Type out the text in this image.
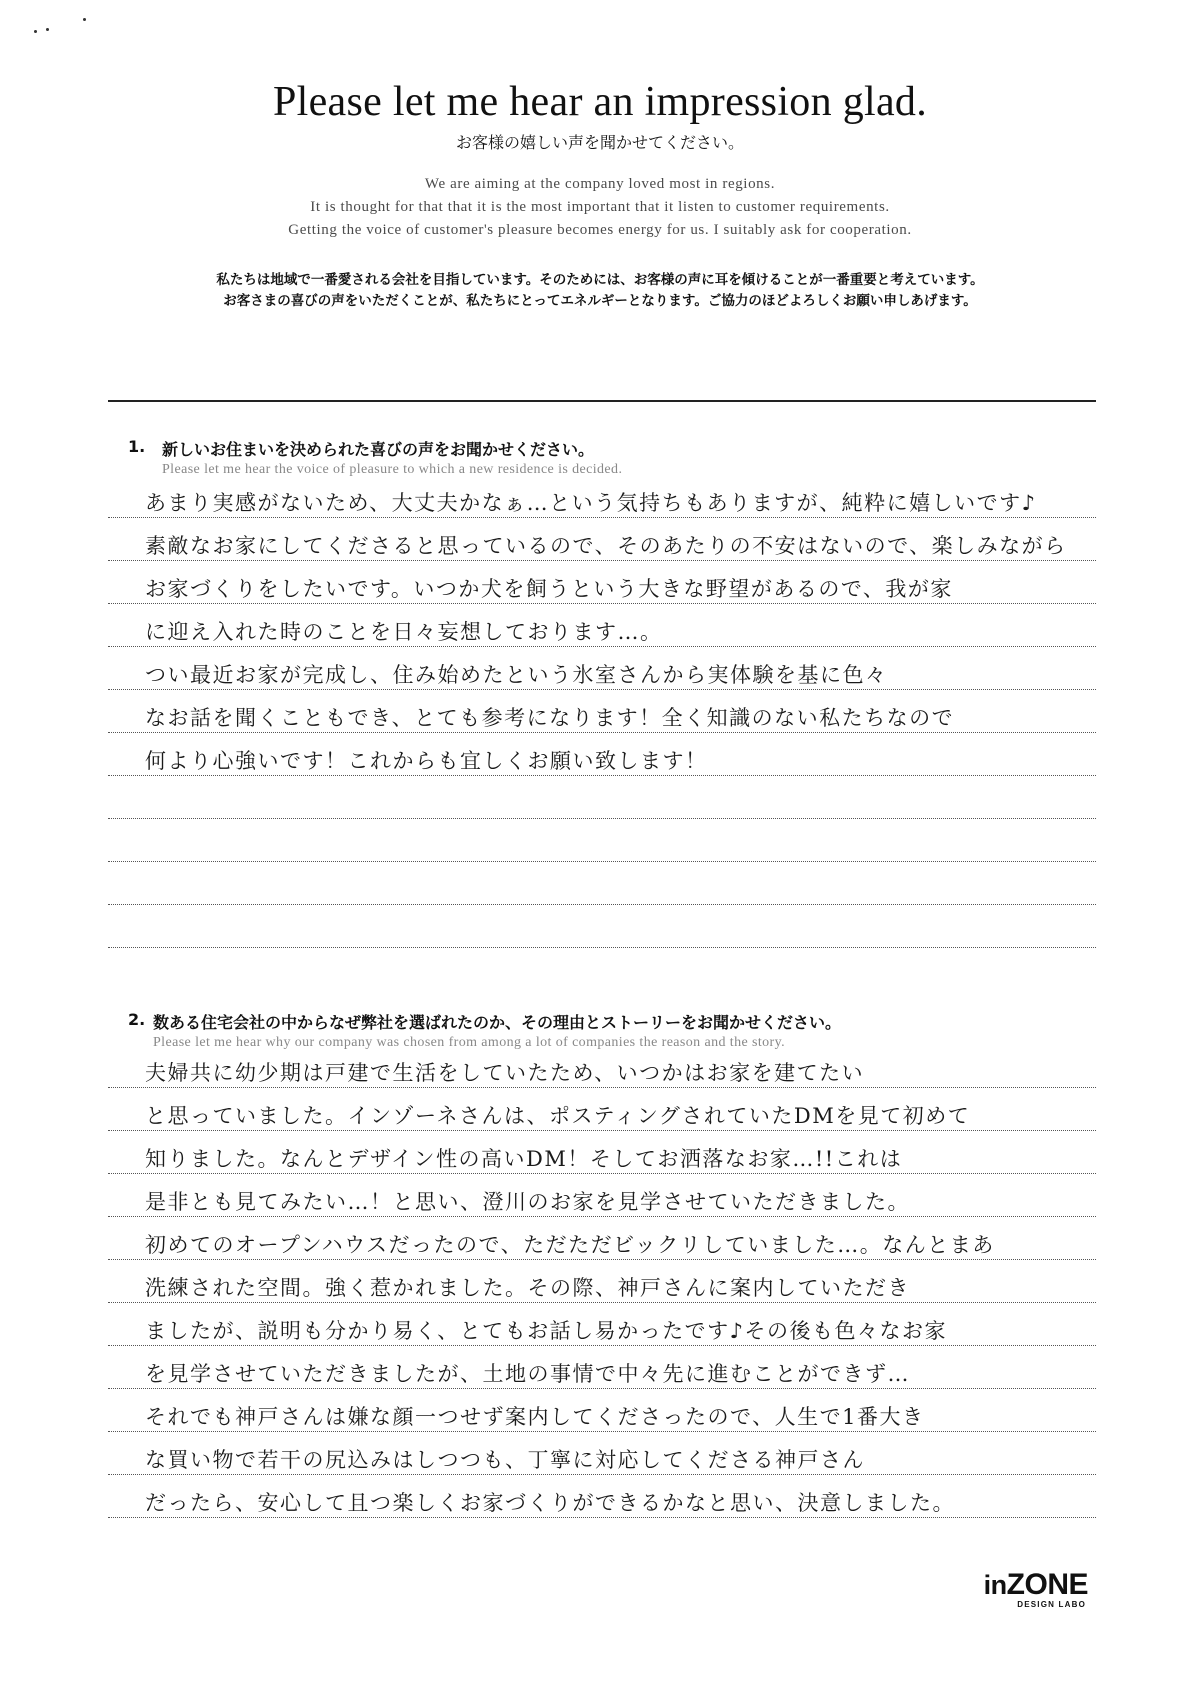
Please let me hear an impression glad.
お客様の嬉しい声を聞かせてください。
We are aiming at the company loved most in regions.
It is thought for that that it is the most important that it listen to customer requirements.
Getting the voice of customer's pleasure becomes energy for us. I suitably ask for cooperation.
私たちは地域で一番愛される会社を目指しています。そのためには、お客様の声に耳を傾けることが一番重要と考えています。
お客さまの喜びの声をいただくことが、私たちにとってエネルギーとなります。ご協力のほどよろしくお願い申しあげます。
1. 新しいお住まいを決められた喜びの声をお聞かせください。
Please let me hear the voice of pleasure to which a new residence is decided.
あまり実感がないため、大丈夫かなぁ…という気持ちもありますが、純粋に嬉しいです♪
素敵なお家にしてくださると思っているので、そのあたりの不安はないので、楽しみながら
お家づくりをしたいです。いつか犬を飼うという大きな野望があるので、我が家
に迎え入れた時のことを日々妄想しております…。
つい最近お家が完成し、住み始めたという氷室さんから実体験を基に色々
なお話を聞くこともでき、とても参考になります！全く知識のない私たちなので
何より心強いです！これからも宜しくお願い致します！
2. 数ある住宅会社の中からなぜ弊社を選ばれたのか、その理由とストーリーをお聞かせください。
Please let me hear why our company was chosen from among a lot of companies the reason and the story.
夫婦共に幼少期は戸建で生活をしていたため、いつかはお家を建てたい
と思っていました。インゾーネさんは、ポスティングされていたDMを見て初めて
知りました。なんとデザイン性の高いDM！そしてお洒落なお家…!!これは
是非とも見てみたい…！と思い、澄川のお家を見学させていただきました。
初めてのオープンハウスだったので、ただただビックリしていました…。なんとまあ
洗練された空間。強く惹かれました。その際、神戸さんに案内していただき
ましたが、説明も分かり易く、とてもお話し易かったです♪その後も色々なお家
を見学させていただきましたが、土地の事情で中々先に進むことができず…
それでも神戸さんは嫌な顔一つせず案内してくださったので、人生で1番大き
な買い物で若干の尻込みはしつつも、丁寧に対応してくださる神戸さん
だったら、安心して且つ楽しくお家づくりができるかなと思い、決意しました。
inZONE
DESIGN LABO
